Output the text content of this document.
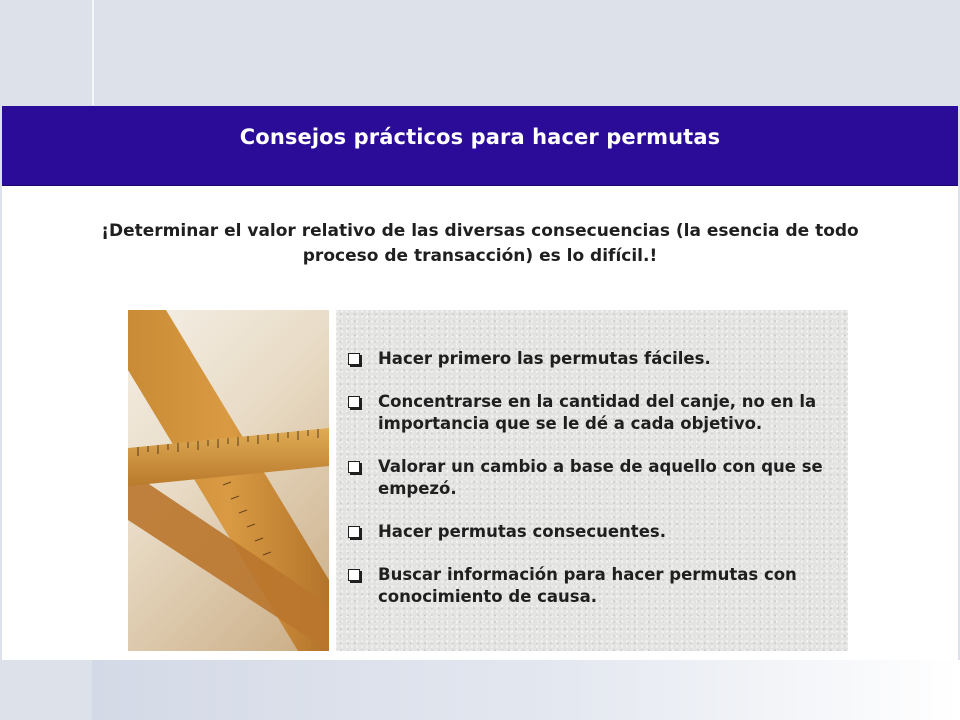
Consejos prácticos para hacer permutas
¡Determinar el valor relativo de las diversas consecuencias (la esencia de todo
proceso de transacción) es lo difícil.!
Hacer primero las permutas fáciles.
Concentrarse en la cantidad del canje, no en la importancia que se le dé a cada objetivo.
Valorar un cambio a base de aquello con que se empezó.
Hacer permutas consecuentes.
Buscar información para hacer permutas con conocimiento de causa.
